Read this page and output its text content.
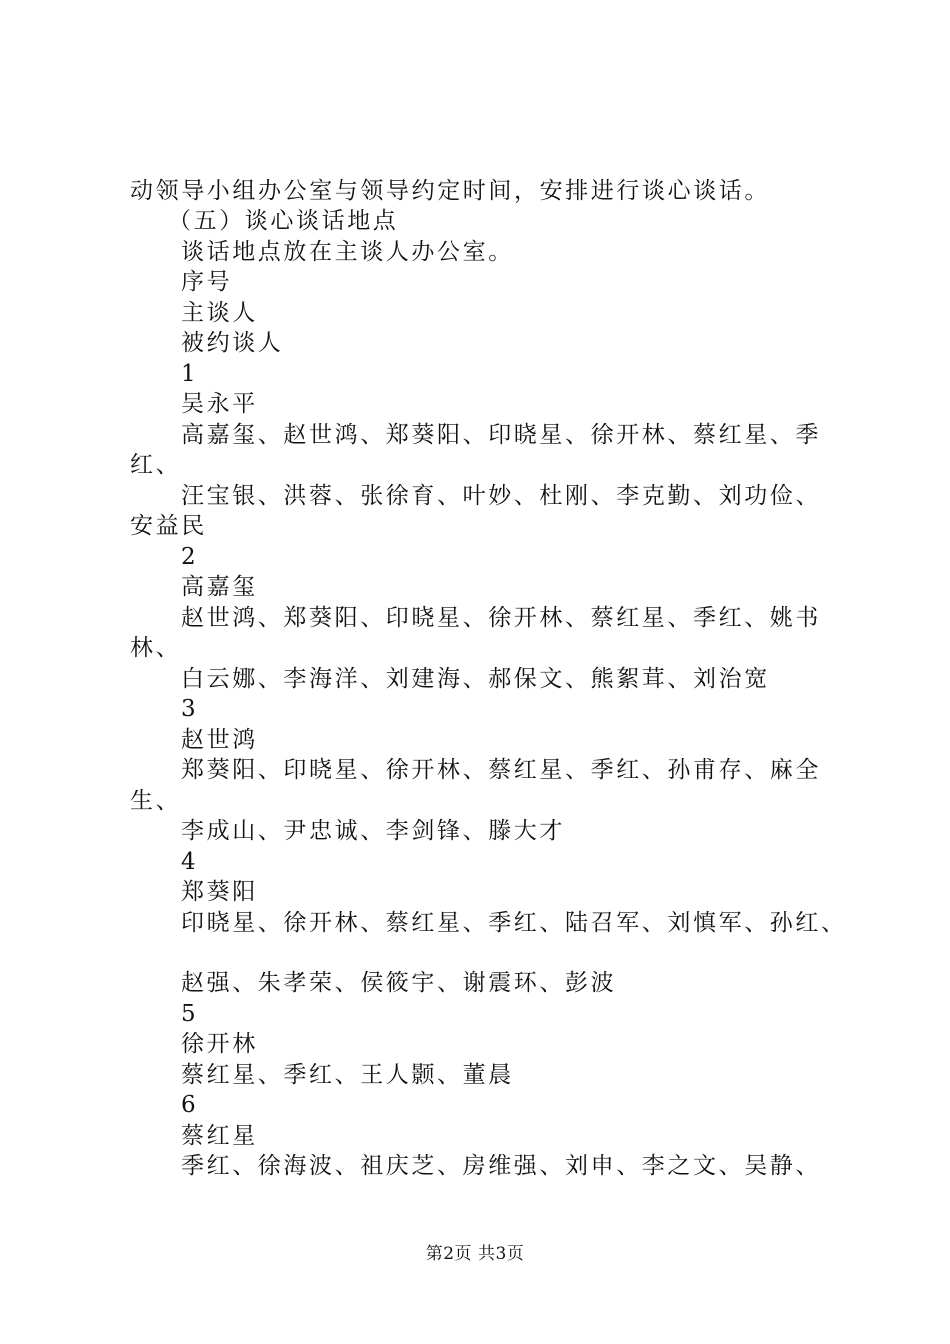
动领导小组办公室与领导约定时间，安排进行谈心谈话。
（五）谈心谈话地点
谈话地点放在主谈人办公室。
序号
主谈人
被约谈人
1
吴永平
高嘉玺、赵世鸿、郑葵阳、印晓星、徐开林、蔡红星、季
红、
汪宝银、洪蓉、张徐育、叶妙、杜刚、李克勤、刘功俭、
安益民
2
高嘉玺
赵世鸿、郑葵阳、印晓星、徐开林、蔡红星、季红、姚书
林、
白云娜、李海洋、刘建海、郝保文、熊絮茸、刘治宽
3
赵世鸿
郑葵阳、印晓星、徐开林、蔡红星、季红、孙甫存、麻全
生、
李成山、尹忠诚、李剑锋、滕大才
4
郑葵阳
印晓星、徐开林、蔡红星、季红、陆召军、刘慎军、孙红、
赵强、朱孝荣、侯筱宇、谢震环、彭波
5
徐开林
蔡红星、季红、王人颢、董晨
6
蔡红星
季红、徐海波、祖庆芝、房维强、刘申、李之文、吴静、
第2页 共3页
